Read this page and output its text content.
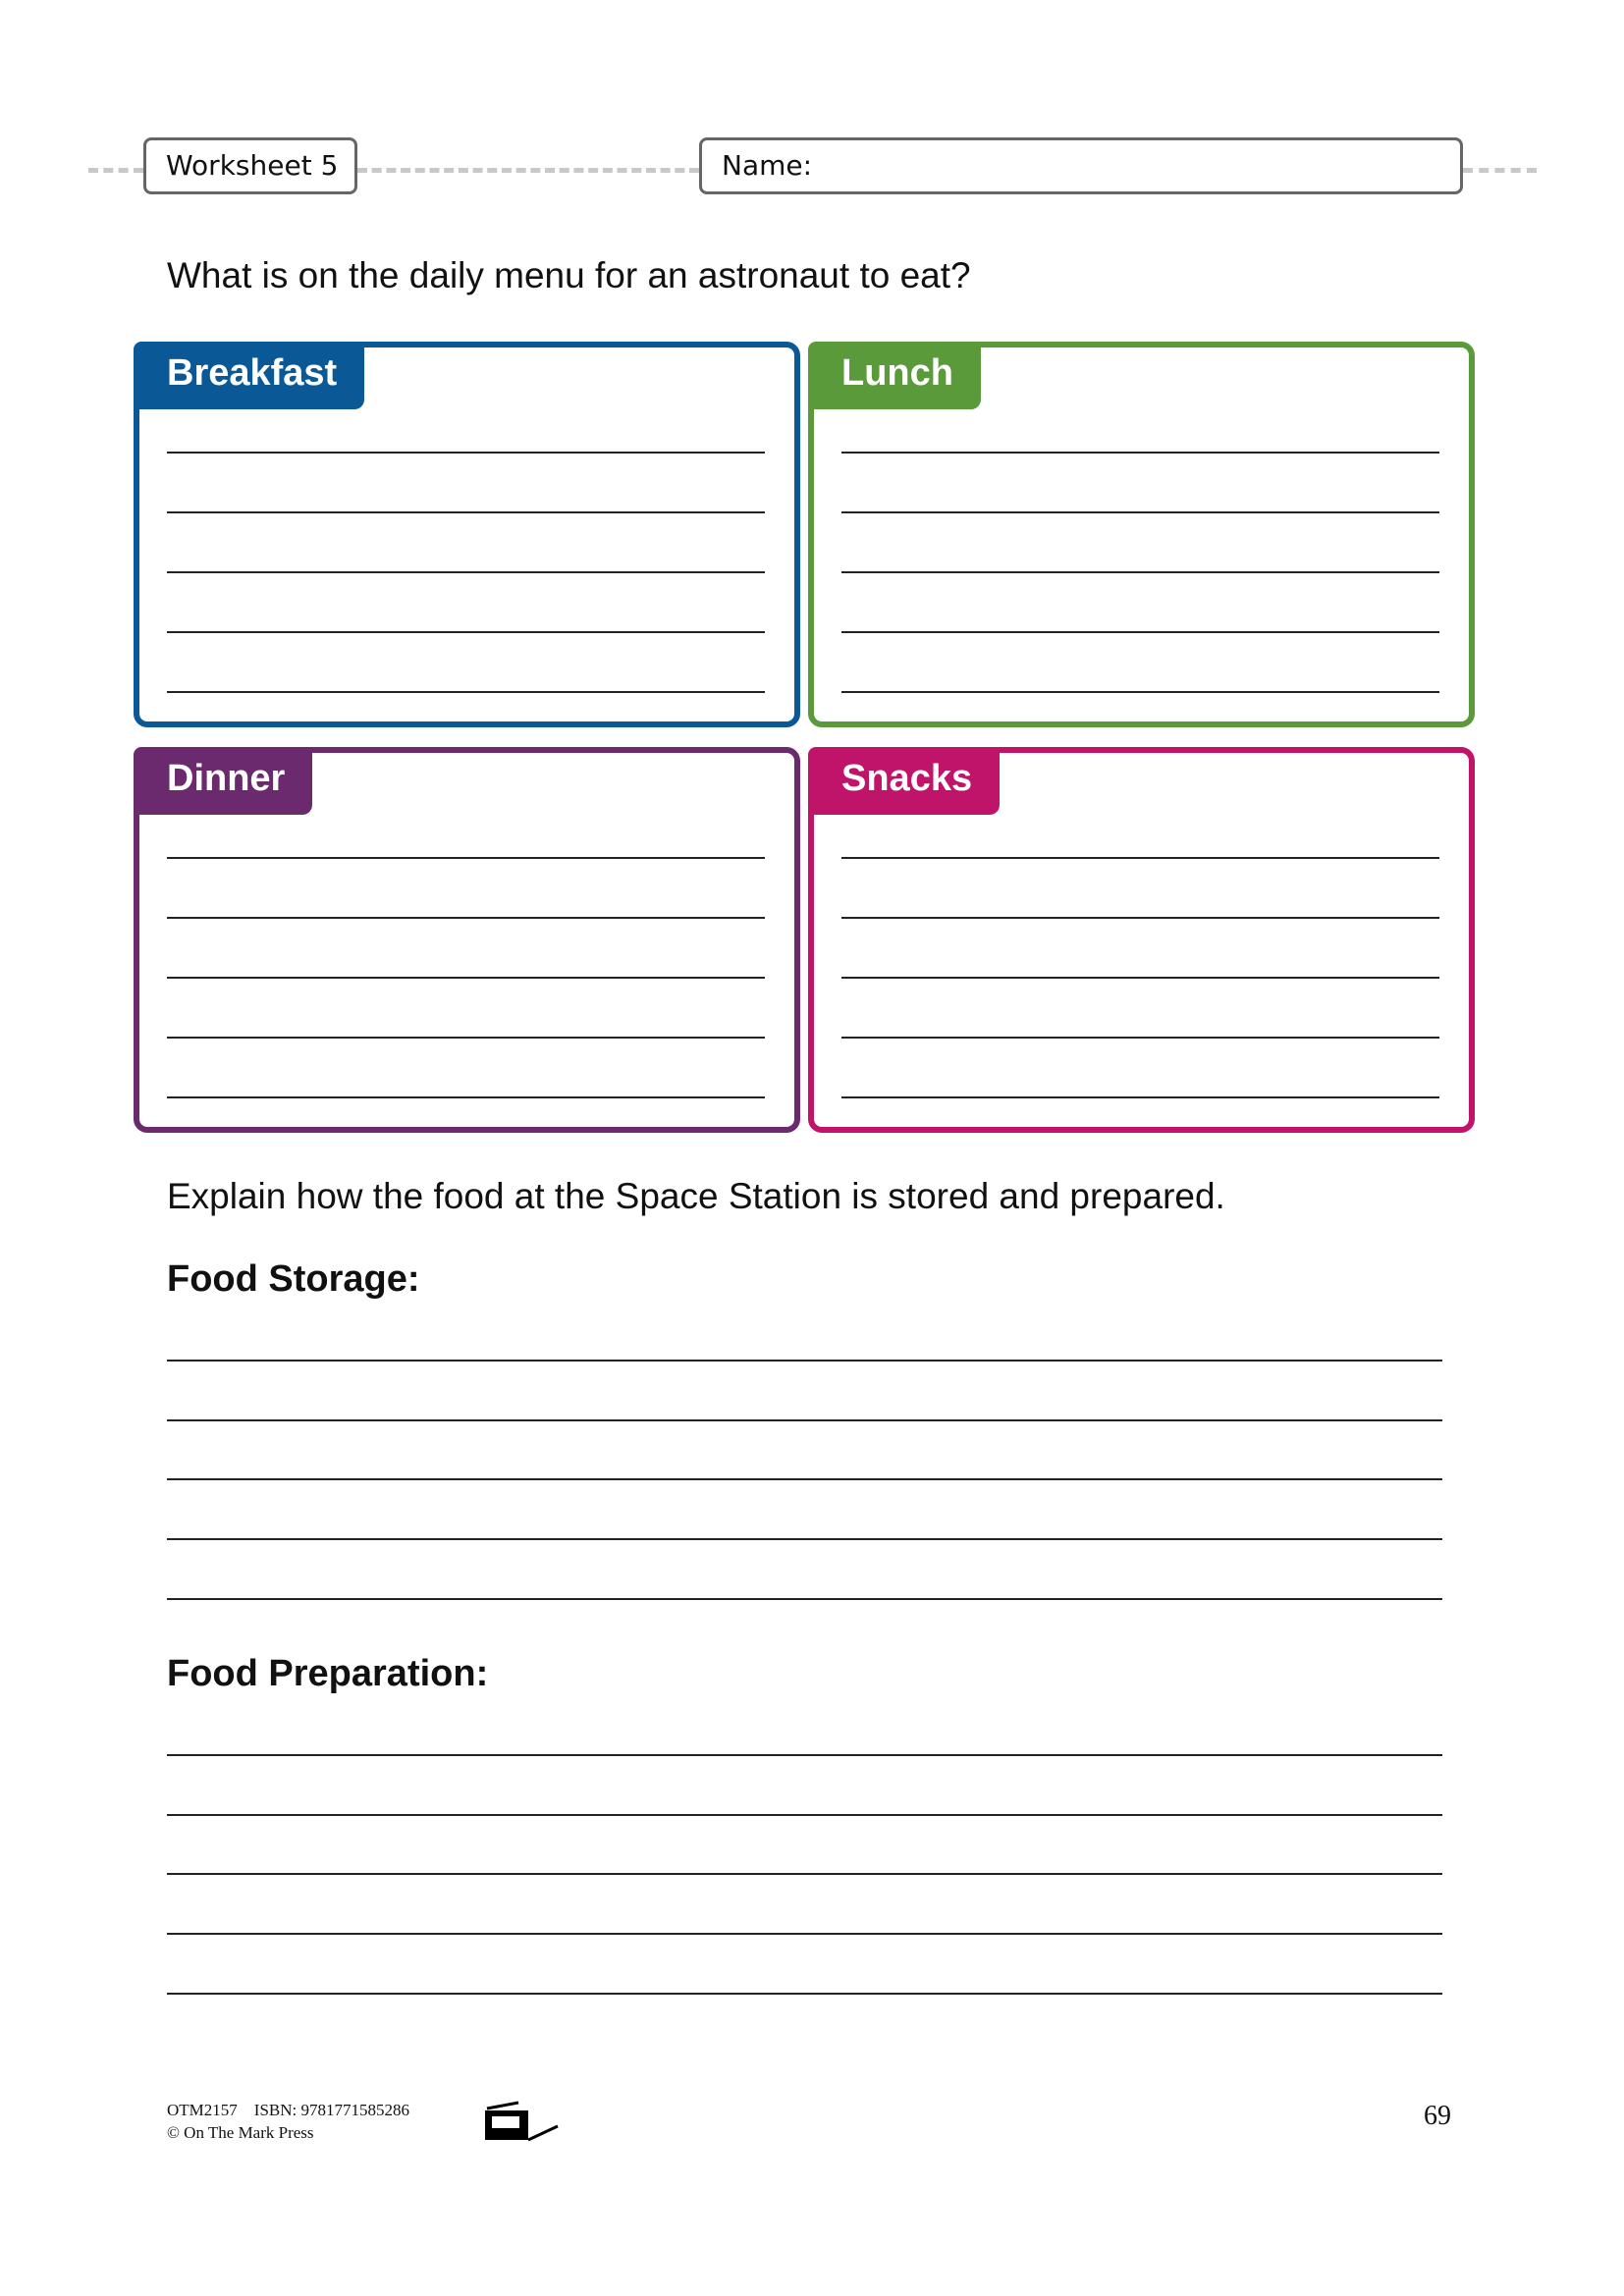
Worksheet 5	Name:
What is on the daily menu for an astronaut to eat?
Breakfast	Lunch
Dinner	Snacks
Explain how the food at the Space Station is stored and prepared.
Food Storage:
Food Preparation:
OTM2157    ISBN: 9781771585286
© On The Mark Press
69
